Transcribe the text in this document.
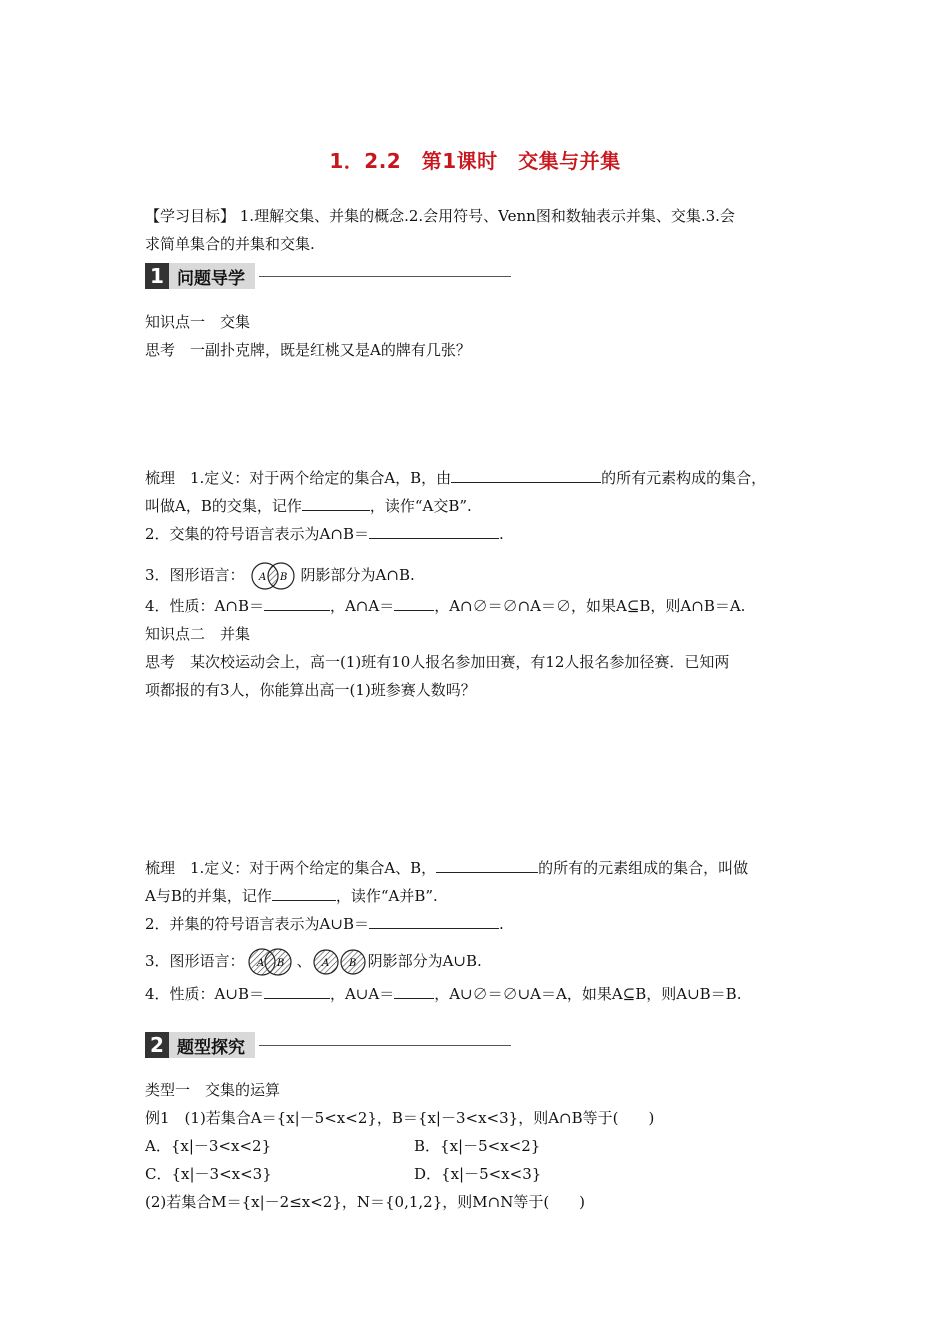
1．2.2　第1课时　交集与并集
【学习目标】 1.理解交集、并集的概念.2.会用符号、Venn图和数轴表示并集、交集.3.会
求简单集合的并集和交集.
1 问题导学
知识点一　交集
思考　一副扑克牌，既是红桃又是A的牌有几张？
梳理　1.定义：对于两个给定的集合A，B，由	的所有元素构成的集合，
叫做A，B的交集，记作	，读作“A交B”.
2．交集的符号语言表示为A∩B＝	.
3．图形语言： A B 阴影部分为A∩B.
4．性质：A∩B＝	，A∩A＝	，A∩∅＝∅∩A＝∅，如果A⊆B，则A∩B＝A.
知识点二　并集
思考　某次校运动会上，高一(1)班有10人报名参加田赛，有12人报名参加径赛．已知两
项都报的有3人，你能算出高一(1)班参赛人数吗？
梳理　1.定义：对于两个给定的集合A、B，	的所有的元素组成的集合，叫做
A与B的并集，记作	，读作“A并B”.
2．并集的符号语言表示为A∪B＝	.
3．图形语言： A B 、 A B 阴影部分为A∪B.
4．性质：A∪B＝	，A∪A＝	，A∪∅＝∅∪A＝A，如果A⊆B，则A∪B＝B.
2 题型探究
类型一　交集的运算
例1　(1)若集合A＝{x|－5<x<2}，B＝{x|－3<x<3}，则A∩B等于(　　)
A．{x|－3<x<2}	B．{x|－5<x<2}
C．{x|－3<x<3}	D．{x|－5<x<3}
(2)若集合M＝{x|－2≤x<2}，N＝{0,1,2}，则M∩N等于(　　)
